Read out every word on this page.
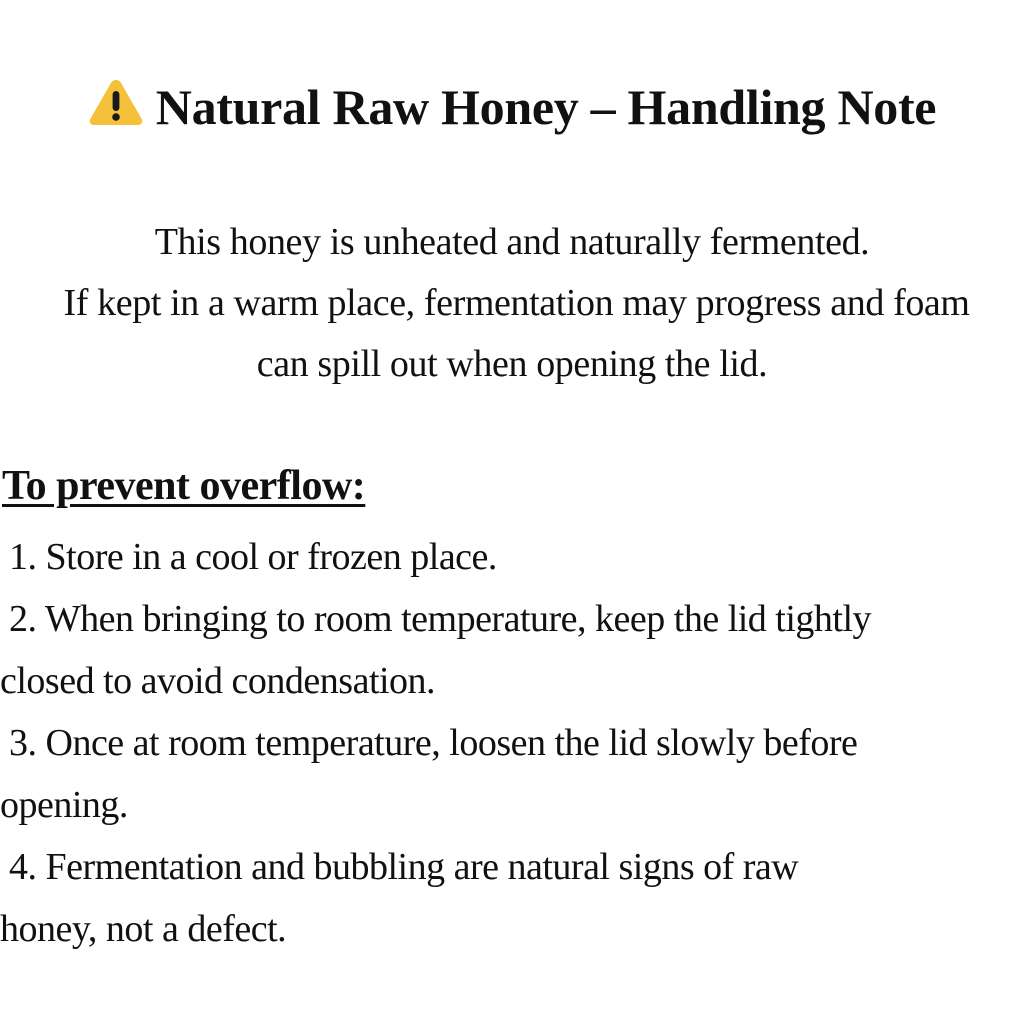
Natural Raw Honey – Handling Note
This honey is unheated and naturally fermented.
If kept in a warm place, fermentation may progress and foam
can spill out when opening the lid.
To prevent overflow:
1. Store in a cool or frozen place.
2. When bringing to room temperature, keep the lid tightly
closed to avoid condensation.
3. Once at room temperature, loosen the lid slowly before
opening.
4. Fermentation and bubbling are natural signs of raw
honey, not a defect.
